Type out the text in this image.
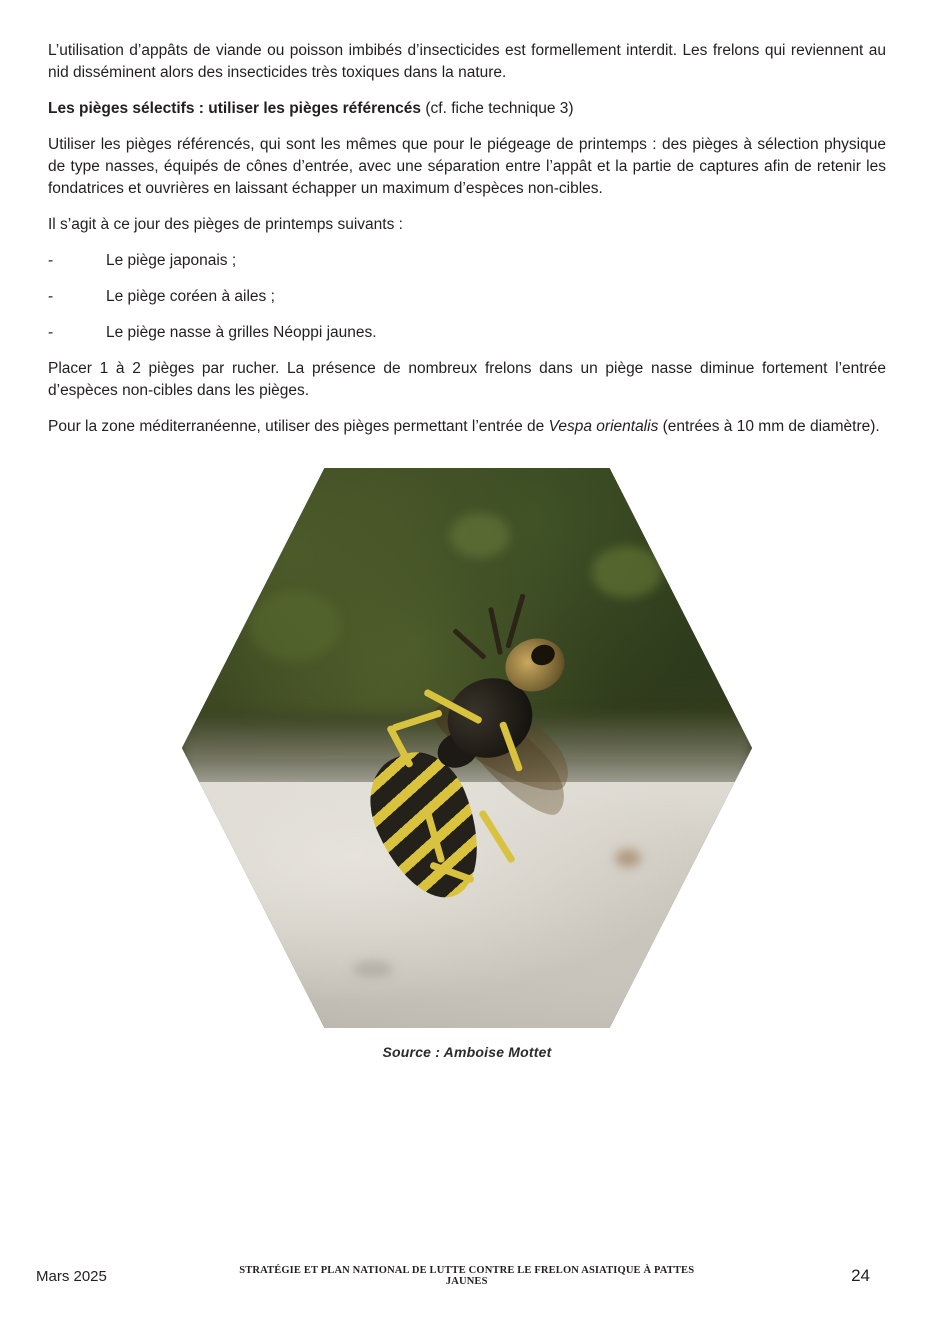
L’utilisation d’appâts de viande ou poisson imbibés d’insecticides est formellement interdit. Les frelons qui reviennent au nid disséminent alors des insecticides très toxiques dans la nature.

Les pièges sélectifs : utiliser les pièges référencés (cf. fiche technique 3)

Utiliser les pièges référencés, qui sont les mêmes que pour le piégeage de printemps : des pièges à sélection physique de type nasses, équipés de cônes d’entrée, avec une séparation entre l’appât et la partie de captures afin de retenir les fondatrices et ouvrières en laissant échapper un maximum d’espèces non-cibles.

Il s’agit à ce jour des pièges de printemps suivants :

-	Le piège japonais ;
-	Le piège coréen à ailes ;
-	Le piège nasse à grilles Néoppi jaunes.

Placer 1 à 2 pièges par rucher. La présence de nombreux frelons dans un piège nasse diminue fortement l’entrée d’espèces non-cibles dans les pièges.

Pour la zone méditerranéenne, utiliser des pièges permettant l’entrée de Vespa orientalis (entrées à 10 mm de diamètre).

Source : Amboise Mottet
Mars 2025	STRATÉGIE ET PLAN NATIONAL DE LUTTE CONTRE LE FRELON ASIATIQUE À PATTES JAUNES	24
